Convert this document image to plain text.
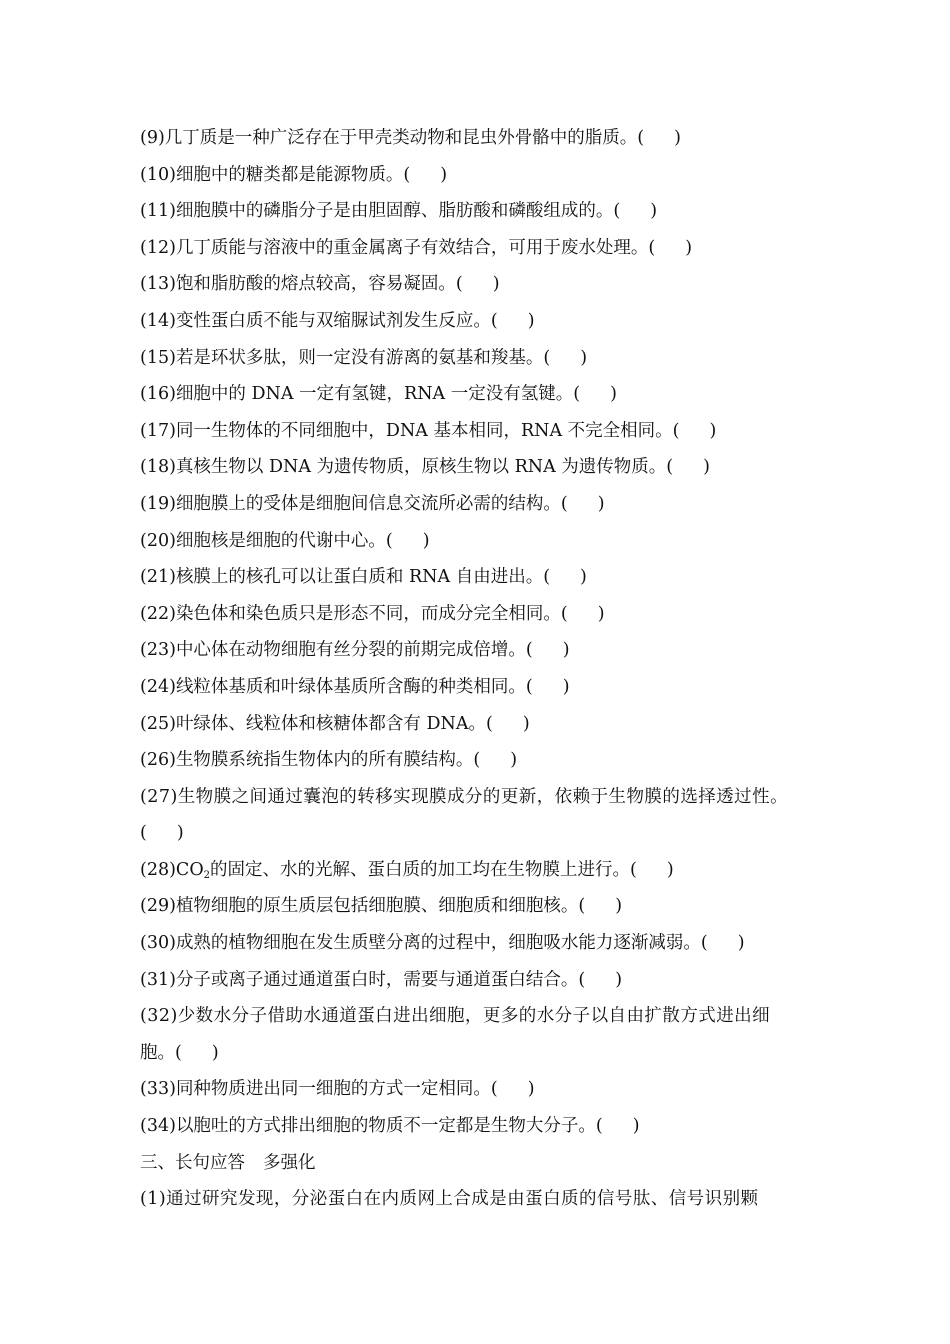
(9)几丁质是一种广泛存在于甲壳类动物和昆虫外骨骼中的脂质。( )
(10)细胞中的糖类都是能源物质。( )
(11)细胞膜中的磷脂分子是由胆固醇、脂肪酸和磷酸组成的。( )
(12)几丁质能与溶液中的重金属离子有效结合，可用于废水处理。( )
(13)饱和脂肪酸的熔点较高，容易凝固。( )
(14)变性蛋白质不能与双缩脲试剂发生反应。( )
(15)若是环状多肽，则一定没有游离的氨基和羧基。( )
(16)细胞中的 DNA 一定有氢键，RNA 一定没有氢键。( )
(17)同一生物体的不同细胞中，DNA 基本相同，RNA 不完全相同。( )
(18)真核生物以 DNA 为遗传物质，原核生物以 RNA 为遗传物质。( )
(19)细胞膜上的受体是细胞间信息交流所必需的结构。( )
(20)细胞核是细胞的代谢中心。( )
(21)核膜上的核孔可以让蛋白质和 RNA 自由进出。( )
(22)染色体和染色质只是形态不同，而成分完全相同。( )
(23)中心体在动物细胞有丝分裂的前期完成倍增。( )
(24)线粒体基质和叶绿体基质所含酶的种类相同。( )
(25)叶绿体、线粒体和核糖体都含有 DNA。( )
(26)生物膜系统指生物体内的所有膜结构。( )
(27)生物膜之间通过囊泡的转移实现膜成分的更新，依赖于生物膜的选择透过性。
( )
$(28)CO_2$的固定、水的光解、蛋白质的加工均在生物膜上进行。( )
(29)植物细胞的原生质层包括细胞膜、细胞质和细胞核。( )
(30)成熟的植物细胞在发生质壁分离的过程中，细胞吸水能力逐渐减弱。( )
(31)分子或离子通过通道蛋白时，需要与通道蛋白结合。( )
(32)少数水分子借助水通道蛋白进出细胞，更多的水分子以自由扩散方式进出细
胞。( )
(33)同种物质进出同一细胞的方式一定相同。( )
(34)以胞吐的方式排出细胞的物质不一定都是生物大分子。( )
三、长句应答 多强化
(1)通过研究发现，分泌蛋白在内质网上合成是由蛋白质的信号肽、信号识别颗
